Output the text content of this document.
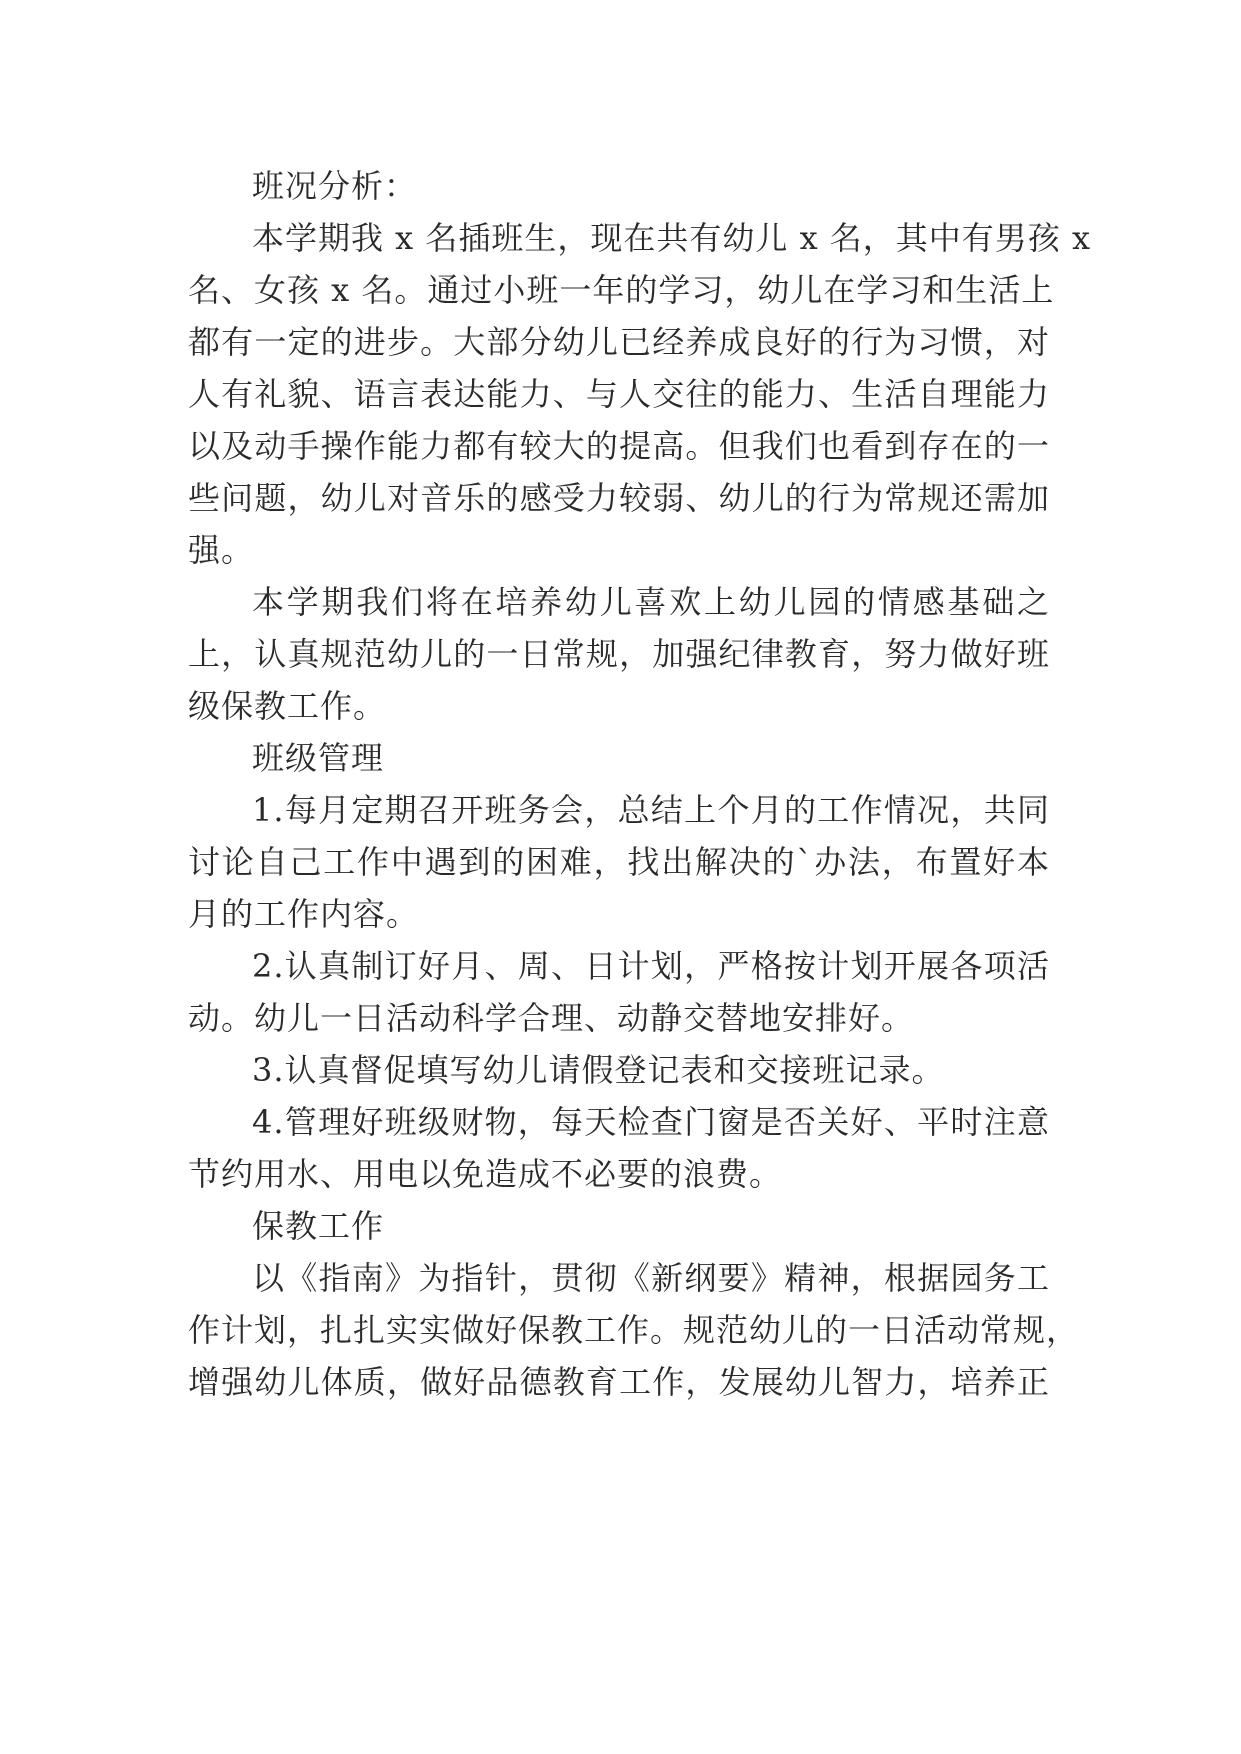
班况分析：
本学期我 x 名插班生，现在共有幼儿 x 名，其中有男孩 x
名、女孩 x 名。通过小班一年的学习，幼儿在学习和生活上
都有一定的进步。大部分幼儿已经养成良好的行为习惯，对
人有礼貌、语言表达能力、与人交往的能力、生活自理能力
以及动手操作能力都有较大的提高。但我们也看到存在的一
些问题，幼儿对音乐的感受力较弱、幼儿的行为常规还需加
强。
本学期我们将在培养幼儿喜欢上幼儿园的情感基础之
上，认真规范幼儿的一日常规，加强纪律教育，努力做好班
级保教工作。
班级管理
1.每月定期召开班务会，总结上个月的工作情况，共同
讨论自己工作中遇到的困难，找出解决的`办法，布置好本
月的工作内容。
2.认真制订好月、周、日计划，严格按计划开展各项活
动。幼儿一日活动科学合理、动静交替地安排好。
3.认真督促填写幼儿请假登记表和交接班记录。
4.管理好班级财物，每天检查门窗是否关好、平时注意
节约用水、用电以免造成不必要的浪费。
保教工作
以《指南》为指针，贯彻《新纲要》精神，根据园务工
作计划，扎扎实实做好保教工作。规范幼儿的一日活动常规，
增强幼儿体质，做好品德教育工作，发展幼儿智力，培养正
